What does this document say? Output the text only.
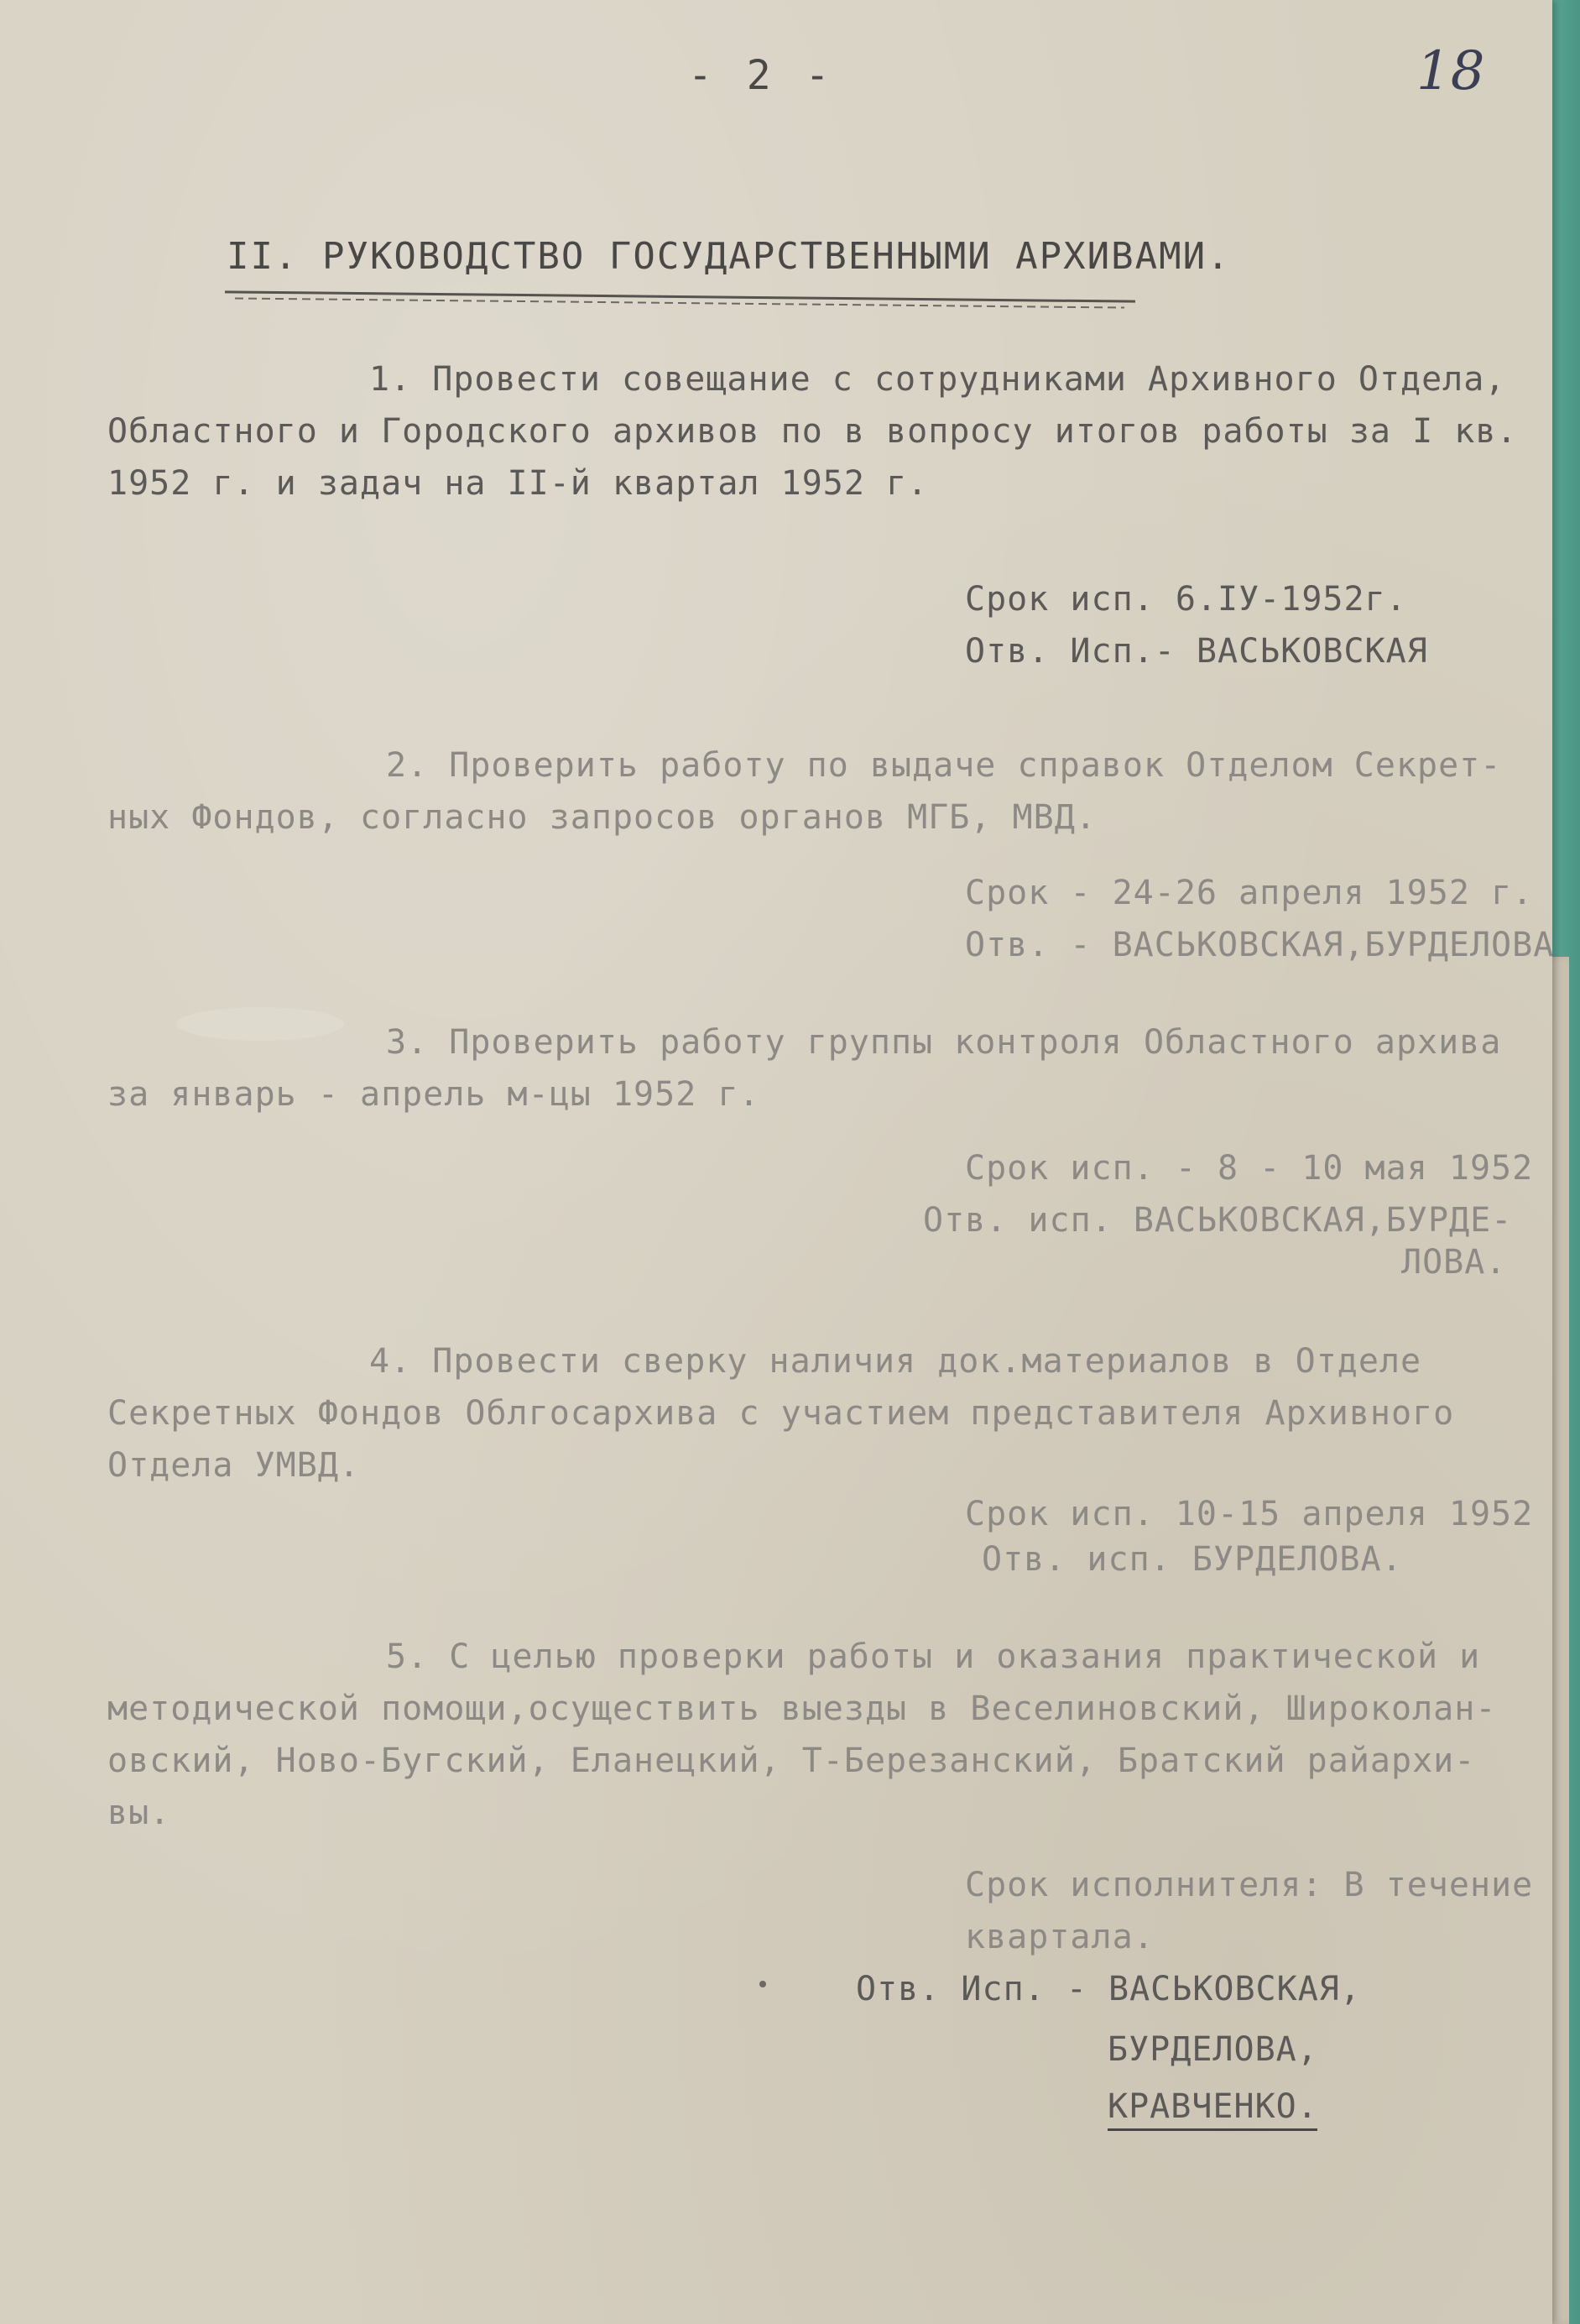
- 2 -	18
II. РУКОВОДСТВО ГОСУДАРСТВЕННЫМИ АРХИВАМИ.
1. Провести совещание с сотрудниками Архивного Отдела,
Областного и Городского архивов по в вопросу итогов работы за I кв.
1952 г. и задач на II-й квартал 1952 г.
Срок исп. 6.IУ-1952г.
Отв. Исп.- ВАСЬКОВСКАЯ
2. Проверить работу по выдаче справок Отделом Секрет-
ных Фондов, согласно запросов органов МГБ, МВД.
Срок - 24-26 апреля 1952 г.
Отв. - ВАСЬКОВСКАЯ,БУРДЕЛОВА
3. Проверить работу группы контроля Областного архива
за январь - апрель м-цы 1952 г.
Срок исп. - 8 - 10 мая 1952
Отв. исп. ВАСЬКОВСКАЯ,БУРДЕ-
ЛОВА.
4. Провести сверку наличия док.материалов в Отделе
Секретных Фондов Облгосархива с участием представителя Архивного
Отдела УМВД.
Срок исп. 10-15 апреля 1952
Отв. исп. БУРДЕЛОВА.
5. С целью проверки работы и оказания практической и
методической помощи,осуществить выезды в Веселиновский, Широколан-
овский, Ново-Бугский, Еланецкий, Т-Березанский, Братский райархи-
вы.
Срок исполнителя: В течение
квартала.
Отв. Исп. - ВАСЬКОВСКАЯ,
БУРДЕЛОВА,
КРАВЧЕНКО.
